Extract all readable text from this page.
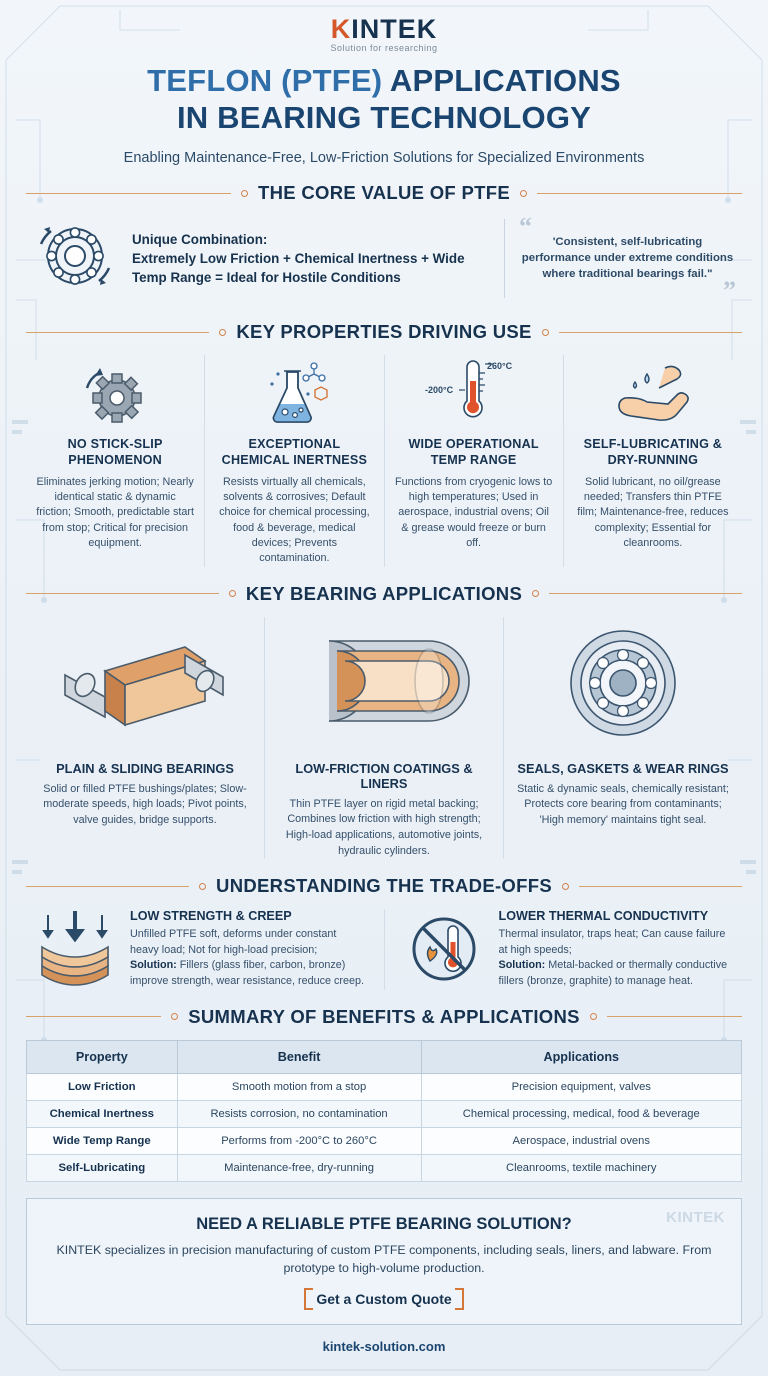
KINTEK
Solution for researching
TEFLON (PTFE) APPLICATIONS
IN BEARING TECHNOLOGY
Enabling Maintenance-Free, Low-Friction Solutions for Specialized Environments
THE CORE VALUE OF PTFE
Unique Combination:
Extremely Low Friction + Chemical Inertness + Wide Temp Range = Ideal for Hostile Conditions
“
'Consistent, self-lubricating performance under extreme conditions where traditional bearings fail."
”
KEY PROPERTIES DRIVING USE
NO STICK-SLIP PHENOMENON

Eliminates jerking motion; Nearly identical static & dynamic friction; Smooth, predictable start from stop; Critical for precision equipment.

EXCEPTIONAL CHEMICAL INERTNESS

Resists virtually all chemicals, solvents & corrosives; Default choice for chemical processing, food & beverage, medical devices; Prevents contamination.

260°C
-200°C
WIDE OPERATIONAL TEMP RANGE

Functions from cryogenic lows to high temperatures; Used in aerospace, industrial ovens; Oil & grease would freeze or burn off.

SELF-LUBRICATING & DRY-RUNNING

Solid lubricant, no oil/grease needed; Transfers thin PTFE film; Maintenance-free, reduces complexity; Essential for cleanrooms.

KEY BEARING APPLICATIONS
PLAIN & SLIDING BEARINGS

Solid or filled PTFE bushings/plates; Slow-moderate speeds, high loads; Pivot points, valve guides, bridge supports.

LOW-FRICTION COATINGS & LINERS

Thin PTFE layer on rigid metal backing; Combines low friction with high strength; High-load applications, automotive joints, hydraulic cylinders.

SEALS, GASKETS & WEAR RINGS

Static & dynamic seals, chemically resistant; Protects core bearing from contaminants; 'High memory' maintains tight seal.

UNDERSTANDING THE TRADE-OFFS
LOW STRENGTH & CREEP

Unfilled PTFE soft, deforms under constant heavy load; Not for high-load precision;
Solution: Fillers (glass fiber, carbon, bronze) improve strength, wear resistance, reduce creep.

LOWER THERMAL CONDUCTIVITY

Thermal insulator, traps heat; Can cause failure at high speeds;
Solution: Metal-backed or thermally conductive fillers (bronze, graphite) to manage heat.

SUMMARY OF BENEFITS & APPLICATIONS
Property	Benefit	Applications
Low Friction	Smooth motion from a stop	Precision equipment, valves
Chemical Inertness	Resists corrosion, no contamination	Chemical processing, medical, food & beverage
Wide Temp Range	Performs from -200°C to 260°C	Aerospace, industrial ovens
Self-Lubricating	Maintenance-free, dry-running	Cleanrooms, textile machinery
KINTEK
NEED A RELIABLE PTFE BEARING SOLUTION?

KINTEK specializes in precision manufacturing of custom PTFE components, including seals, liners, and labware. From prototype to high-volume production.

Get a Custom Quote
kintek-solution.com
